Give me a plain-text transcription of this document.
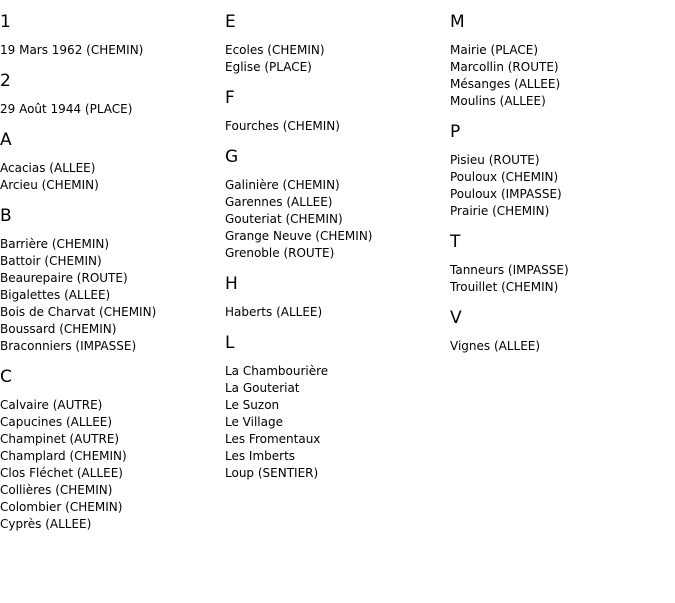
1
19 Mars 1962 (CHEMIN)
2
29 Août 1944 (PLACE)
A
Acacias (ALLEE)
Arcieu (CHEMIN)
B
Barrière (CHEMIN)
Battoir (CHEMIN)
Beaurepaire (ROUTE)
Bigalettes (ALLEE)
Bois de Charvat (CHEMIN)
Boussard (CHEMIN)
Braconniers (IMPASSE)
C
Calvaire (AUTRE)
Capucines (ALLEE)
Champinet (AUTRE)
Champlard (CHEMIN)
Clos Fléchet (ALLEE)
Collières (CHEMIN)
Colombier (CHEMIN)
Cyprès (ALLEE)
E
Ecoles (CHEMIN)
Eglise (PLACE)
F
Fourches (CHEMIN)
G
Galinière (CHEMIN)
Garennes (ALLEE)
Gouteriat (CHEMIN)
Grange Neuve (CHEMIN)
Grenoble (ROUTE)
H
Haberts (ALLEE)
L
La Chambourière
La Gouteriat
Le Suzon
Le Village
Les Fromentaux
Les Imberts
Loup (SENTIER)
M
Mairie (PLACE)
Marcollin (ROUTE)
Mésanges (ALLEE)
Moulins (ALLEE)
P
Pisieu (ROUTE)
Pouloux (CHEMIN)
Pouloux (IMPASSE)
Prairie (CHEMIN)
T
Tanneurs (IMPASSE)
Trouillet (CHEMIN)
V
Vignes (ALLEE)
